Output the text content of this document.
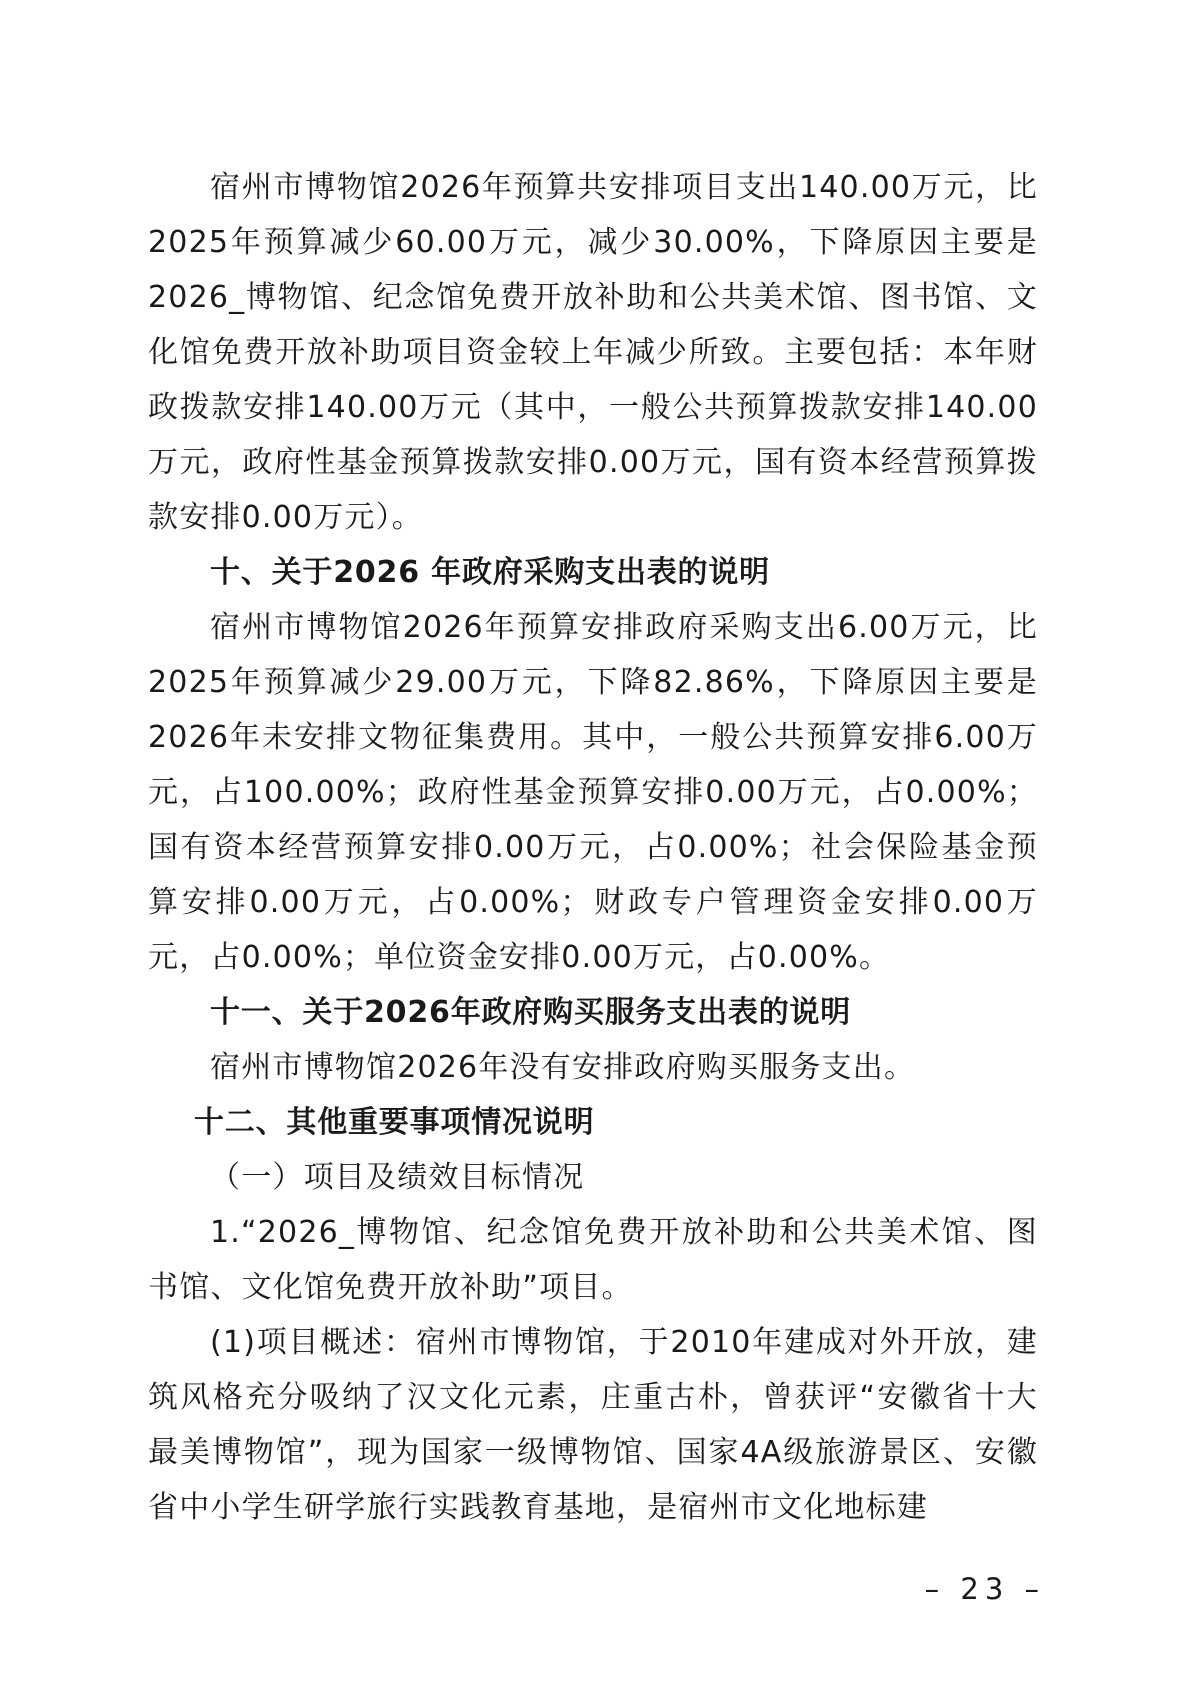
宿州市博物馆2026年预算共安排项目支出140.00万元，比2025年预算减少60.00万元，减少30.00%，下降原因主要是2026_博物馆、纪念馆免费开放补助和公共美术馆、图书馆、文化馆免费开放补助项目资金较上年减少所致。主要包括：本年财政拨款安排140.00万元（其中，一般公共预算拨款安排140.00万元，政府性基金预算拨款安排0.00万元，国有资本经营预算拨款安排0.00万元）。

十、关于2026 年政府采购支出表的说明

宿州市博物馆2026年预算安排政府采购支出6.00万元，比2025年预算减少29.00万元，下降82.86%，下降原因主要是2026年未安排文物征集费用。其中，一般公共预算安排6.00万元，占100.00%；政府性基金预算安排0.00万元，占0.00%；国有资本经营预算安排0.00万元，占0.00%；社会保险基金预算安排0.00万元，占0.00%；财政专户管理资金安排0.00万元，占0.00%；单位资金安排0.00万元，占0.00%。

十一、关于2026年政府购买服务支出表的说明

宿州市博物馆2026年没有安排政府购买服务支出。

十二、其他重要事项情况说明

（一）项目及绩效目标情况

1.“2026_博物馆、纪念馆免费开放补助和公共美术馆、图书馆、文化馆免费开放补助”项目。

(1)项目概述：宿州市博物馆，于2010年建成对外开放，建筑风格充分吸纳了汉文化元素，庄重古朴，曾获评“安徽省十大最美博物馆”，现为国家一级博物馆、国家4A级旅游景区、安徽省中小学生研学旅行实践教育基地，是宿州市文化地标建

– 23 –
